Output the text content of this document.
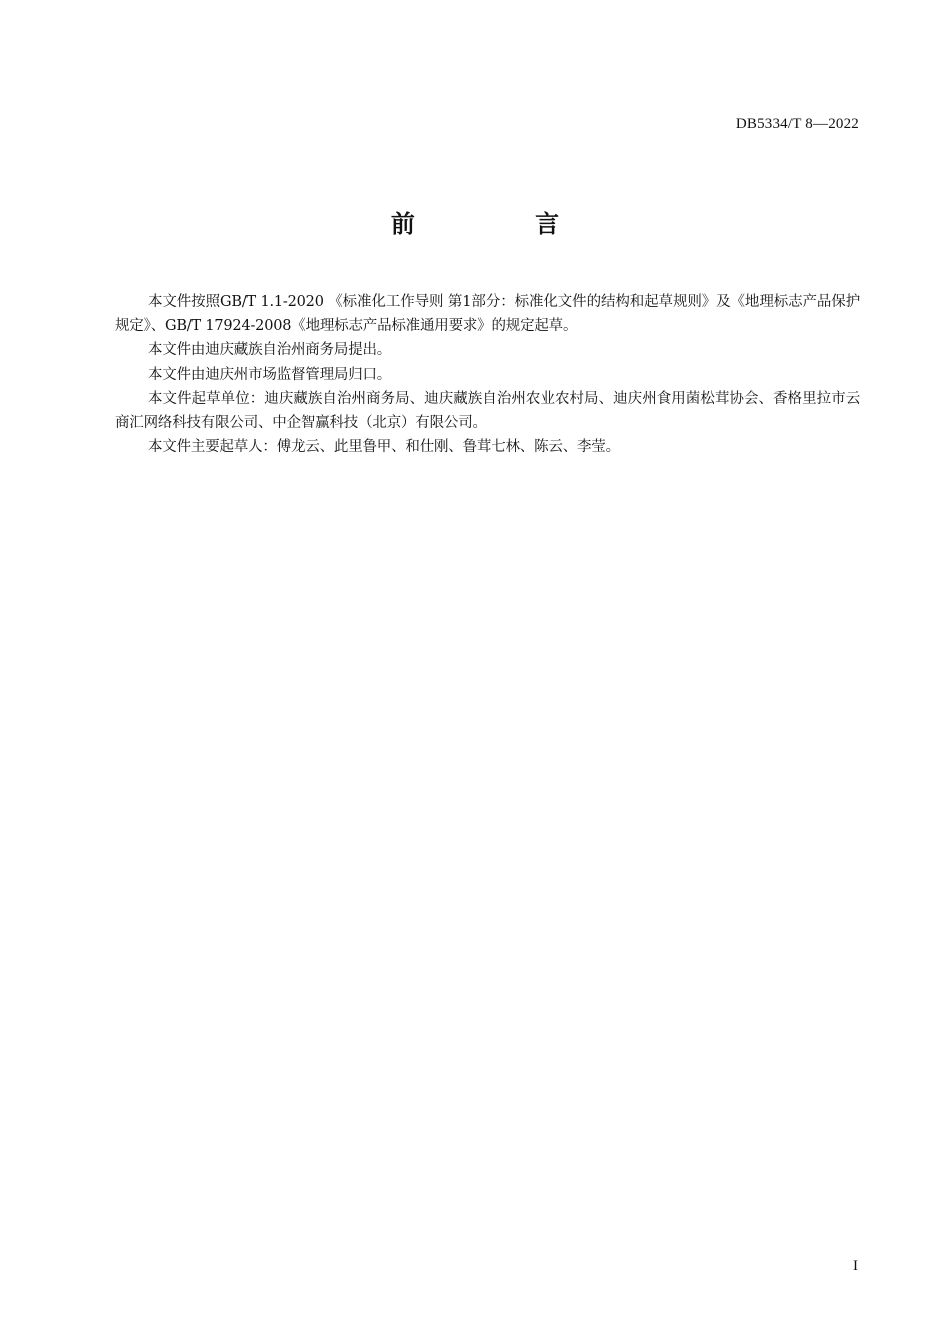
DB5334/T 8—2022
前 言

本文件按照GB/T 1.1-2020 《标准化工作导则 第1部分：标准化文件的结构和起草规则》及《地理标志产品保护规定》、GB/T 17924-2008《地理标志产品标准通用要求》的规定起草。

本文件由迪庆藏族自治州商务局提出。

本文件由迪庆州市场监督管理局归口。

本文件起草单位：迪庆藏族自治州商务局、迪庆藏族自治州农业农村局、迪庆州食用菌松茸协会、香格里拉市云商汇网络科技有限公司、中企智赢科技（北京）有限公司。

本文件主要起草人：傅龙云、此里鲁甲、和仕刚、鲁茸七林、陈云、李莹。

I
